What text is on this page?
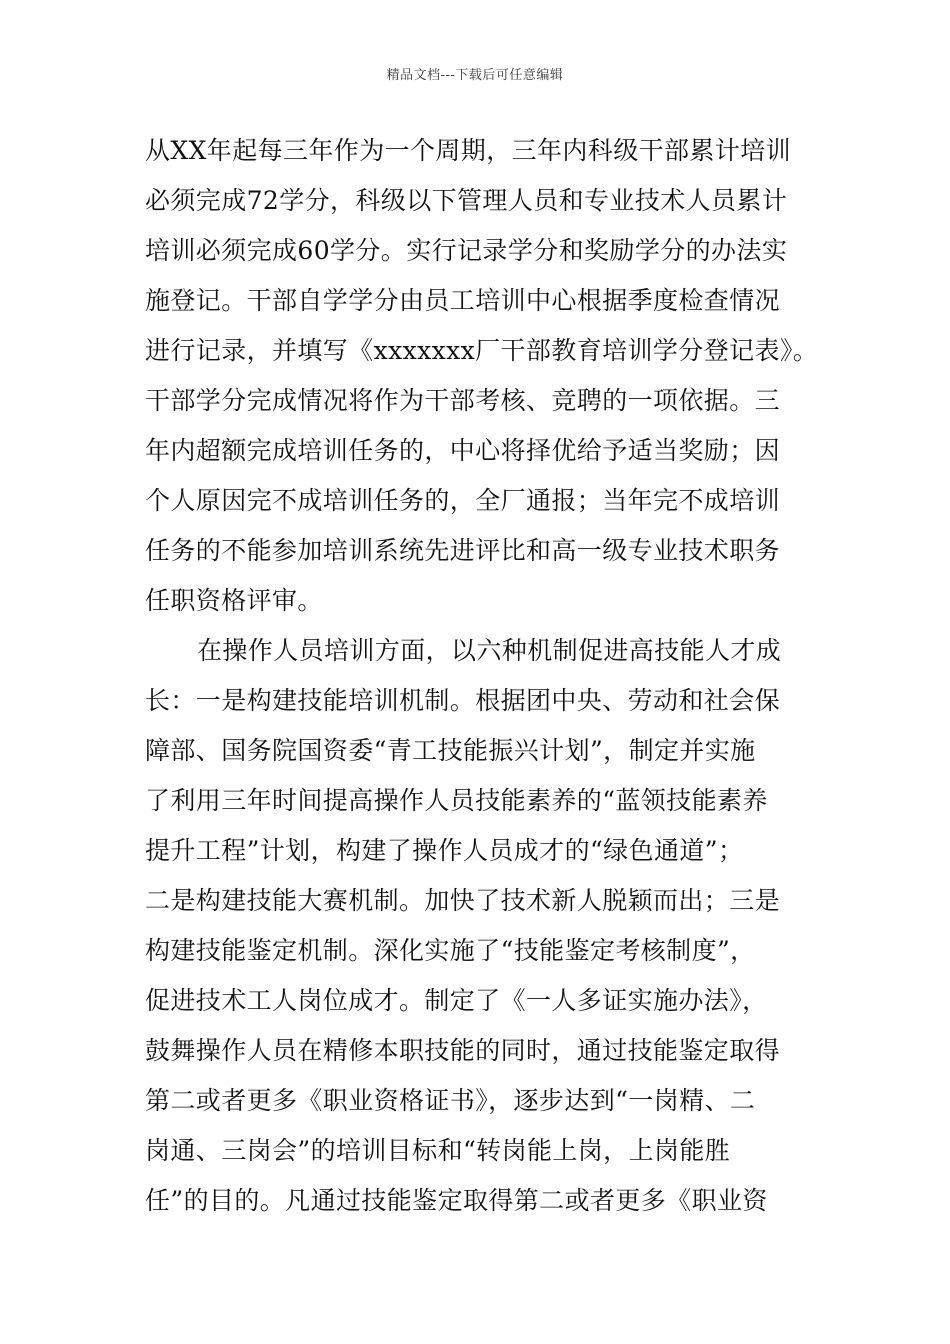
精品文档---下载后可任意编辑
从XX年起每三年作为一个周期，三年内科级干部累计培训
必须完成72学分，科级以下管理人员和专业技术人员累计
培训必须完成60学分。实行记录学分和奖励学分的办法实
施登记。干部自学学分由员工培训中心根据季度检查情况
进行记录，并填写《xxxxxxx厂干部教育培训学分登记表》。
干部学分完成情况将作为干部考核、竞聘的一项依据。三
年内超额完成培训任务的，中心将择优给予适当奖励；因
个人原因完不成培训任务的，全厂通报；当年完不成培训
任务的不能参加培训系统先进评比和高一级专业技术职务
任职资格评审。
在操作人员培训方面，以六种机制促进高技能人才成
长：一是构建技能培训机制。根据团中央、劳动和社会保
障部、国务院国资委“青工技能振兴计划”，制定并实施
了利用三年时间提高操作人员技能素养的“蓝领技能素养
提升工程”计划，构建了操作人员成才的“绿色通道”；
二是构建技能大赛机制。加快了技术新人脱颖而出；三是
构建技能鉴定机制。深化实施了“技能鉴定考核制度”，
促进技术工人岗位成才。制定了《一人多证实施办法》，
鼓舞操作人员在精修本职技能的同时，通过技能鉴定取得
第二或者更多《职业资格证书》，逐步达到“一岗精、二
岗通、三岗会”的培训目标和“转岗能上岗，上岗能胜
任”的目的。凡通过技能鉴定取得第二或者更多《职业资
